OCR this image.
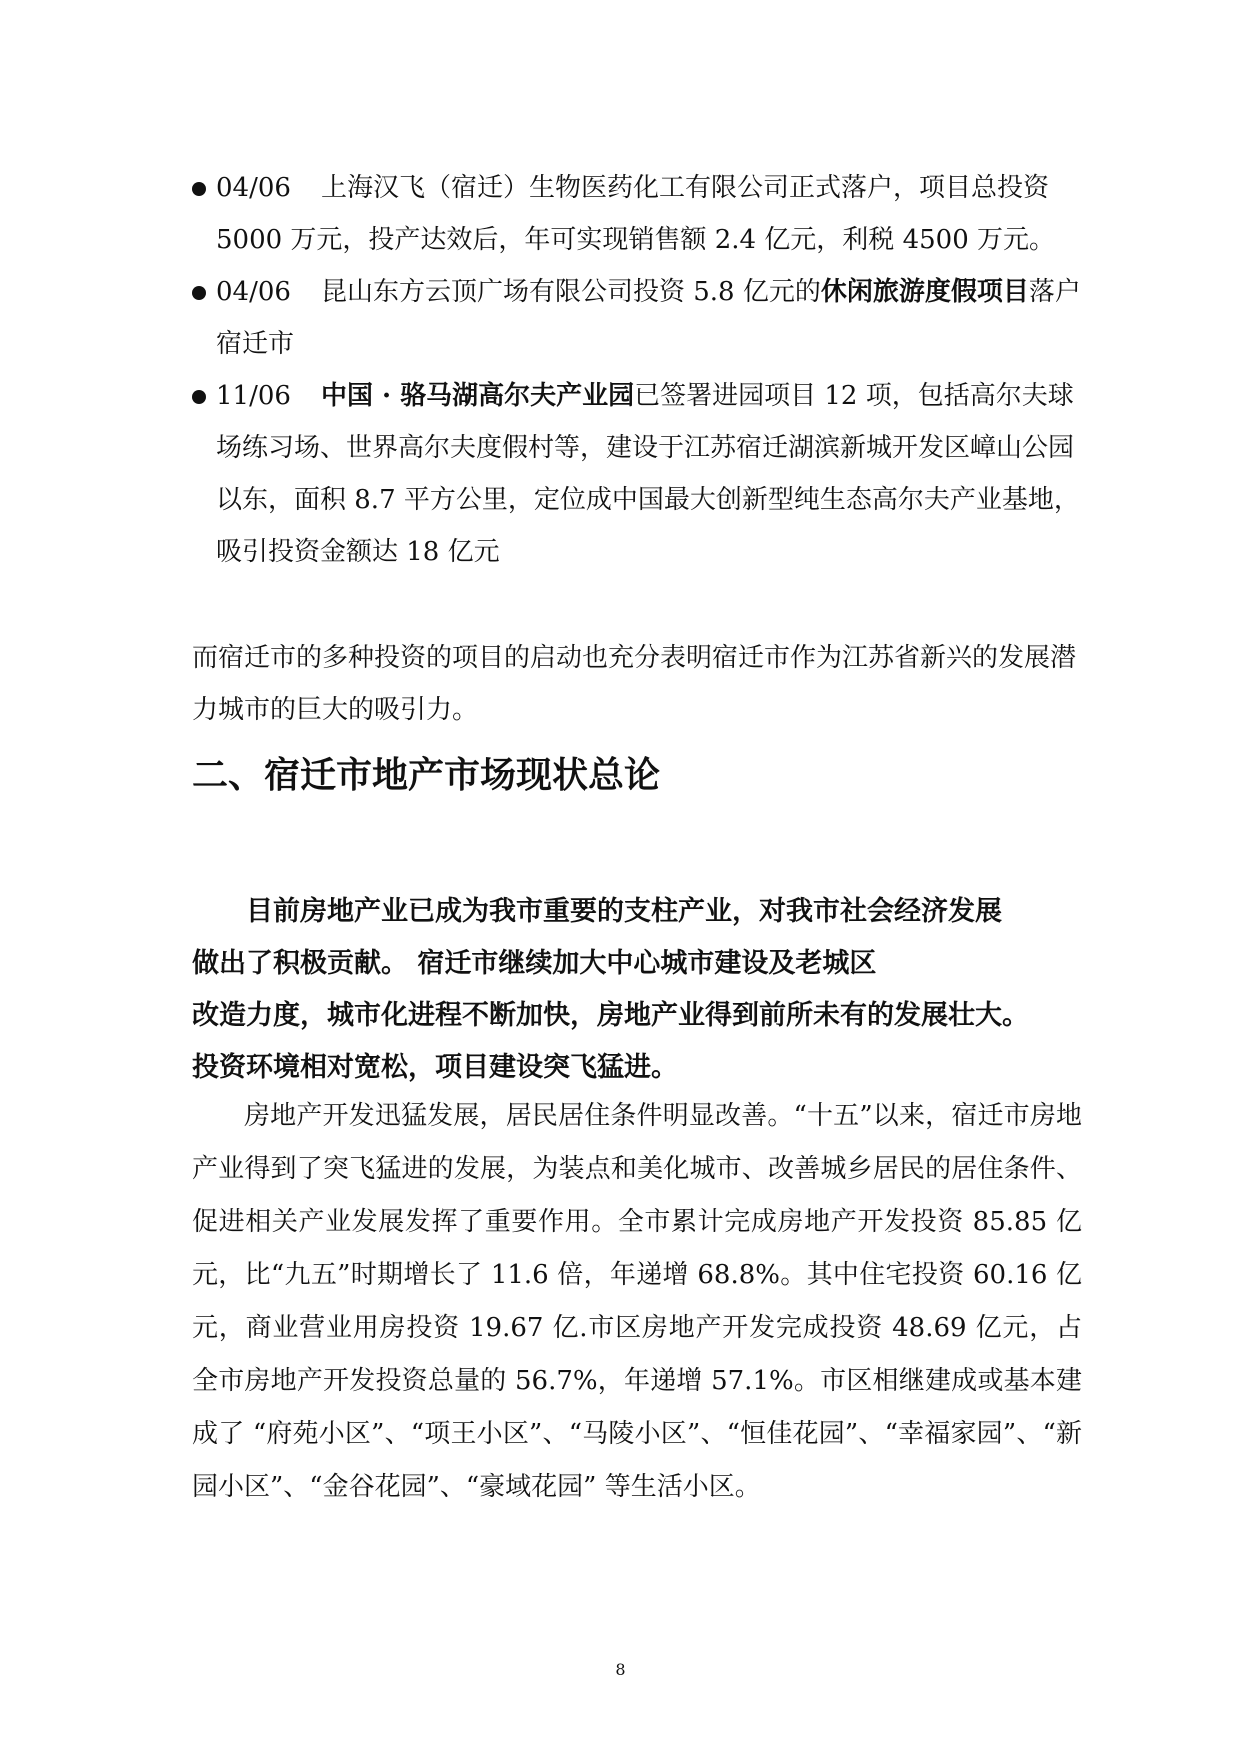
04/06 上海汉飞（宿迁）生物医药化工有限公司正式落户，项目总投资 5000 万元，投产达效后，年可实现销售额 2.4 亿元，利税 4500 万元。
04/06 昆山东方云顶广场有限公司投资 5.8 亿元的休闲旅游度假项目落户宿迁市
11/06 中国 · 骆马湖高尔夫产业园已签署进园项目 12 项，包括高尔夫球场练习场、世界高尔夫度假村等，建设于江苏宿迁湖滨新城开发区嶂山公园以东，面积 8.7 平方公里，定位成中国最大创新型纯生态高尔夫产业基地，吸引投资金额达 18 亿元
而宿迁市的多种投资的项目的启动也充分表明宿迁市作为江苏省新兴的发展潜力城市的巨大的吸引力。
二、宿迁市地产市场现状总论
目前房地产业已成为我市重要的支柱产业，对我市社会经济发展
做出了积极贡献。 宿迁市继续加大中心城市建设及老城区
改造力度，城市化进程不断加快，房地产业得到前所未有的发展壮大。
投资环境相对宽松，项目建设突飞猛进。
房地产开发迅猛发展，居民居住条件明显改善。“十五”以来，宿迁市房地产业得到了突飞猛进的发展，为装点和美化城市、改善城乡居民的居住条件、促进相关产业发展发挥了重要作用。全市累计完成房地产开发投资 85.85 亿元，比“九五”时期增长了 11.6 倍，年递增 68.8%。其中住宅投资 60.16 亿元，商业营业用房投资 19.67 亿.市区房地产开发完成投资 48.69 亿元，占全市房地产开发投资总量的 56.7%，年递增 57.1%。市区相继建成或基本建成了 “府苑小区”、“项王小区”、“马陵小区”、“恒佳花园”、“幸福家园”、“新园小区”、“金谷花园”、“豪域花园” 等生活小区。
8
